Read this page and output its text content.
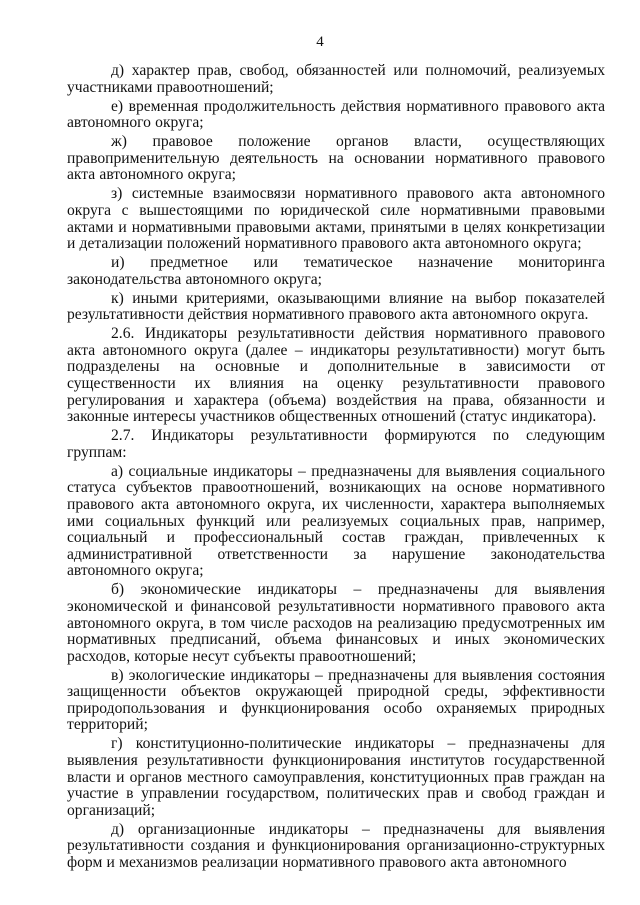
4

д) характер прав, свобод, обязанностей или полномочий, реализуемых участниками правоотношений;

е) временная продолжительность действия нормативного правового акта автономного округа;

ж) правовое положение органов власти, осуществляющих правоприменительную деятельность на основании нормативного правового акта автономного округа;

з) системные взаимосвязи нормативного правового акта автономного округа с вышестоящими по юридической силе нормативными правовыми актами и нормативными правовыми актами, принятыми в целях конкретизации и детализации положений нормативного правового акта автономного округа;

и) предметное или тематическое назначение мониторинга законодательства автономного округа;

к) иными критериями, оказывающими влияние на выбор показателей результативности действия нормативного правового акта автономного округа.

2.6. Индикаторы результативности действия нормативного правового акта автономного округа (далее – индикаторы результативности) могут быть подразделены на основные и дополнительные в зависимости от существенности их влияния на оценку результативности правового регулирования и характера (объема) воздействия на права, обязанности и законные интересы участников общественных отношений (статус индикатора).

2.7. Индикаторы результативности формируются по следующим группам:

а) социальные индикаторы – предназначены для выявления социального статуса субъектов правоотношений, возникающих на основе нормативного правового акта автономного округа, их численности, характера выполняемых ими социальных функций или реализуемых социальных прав, например, социальный и профессиональный состав граждан, привлеченных к административной ответственности за нарушение законодательства автономного округа;

б) экономические индикаторы – предназначены для выявления экономической и финансовой результативности нормативного правового акта автономного округа, в том числе расходов на реализацию предусмотренных им нормативных предписаний, объема финансовых и иных экономических расходов, которые несут субъекты правоотношений;

в) экологические индикаторы – предназначены для выявления состояния защищенности объектов окружающей природной среды, эффективности природопользования и функционирования особо охраняемых природных территорий;

г) конституционно-политические индикаторы – предназначены для выявления результативности функционирования институтов государственной власти и органов местного самоуправления, конституционных прав граждан на участие в управлении государством, политических прав и свобод граждан и организаций;

д) организационные индикаторы – предназначены для выявления результативности создания и функционирования организационно-структурных форм и механизмов реализации нормативного правового акта автономного
